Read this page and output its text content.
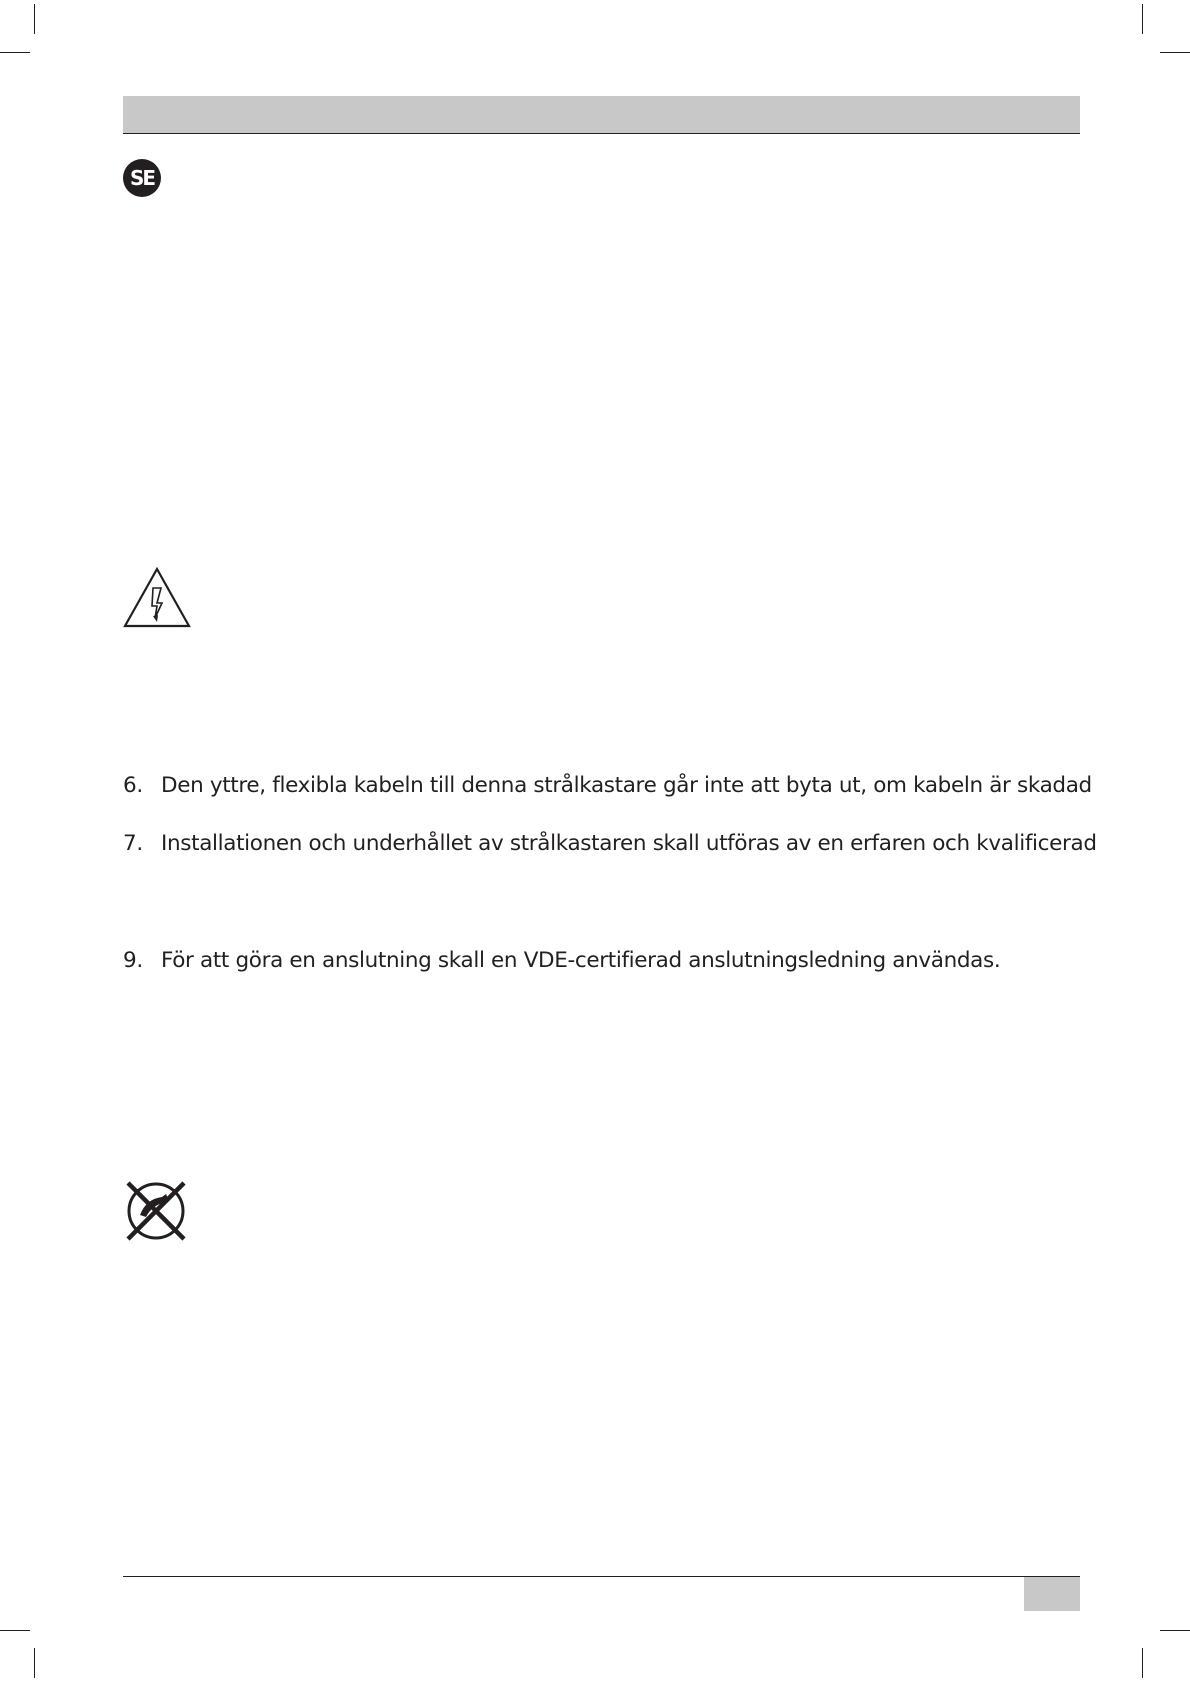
SE
6. Den yttre, flexibla kabeln till denna strålkastare går inte att byta ut, om kabeln är skadad
7. Installationen och underhållet av strålkastaren skall utföras av en erfaren och kvalificerad
9. För att göra en anslutning skall en VDE-certifierad anslutningsledning användas.
